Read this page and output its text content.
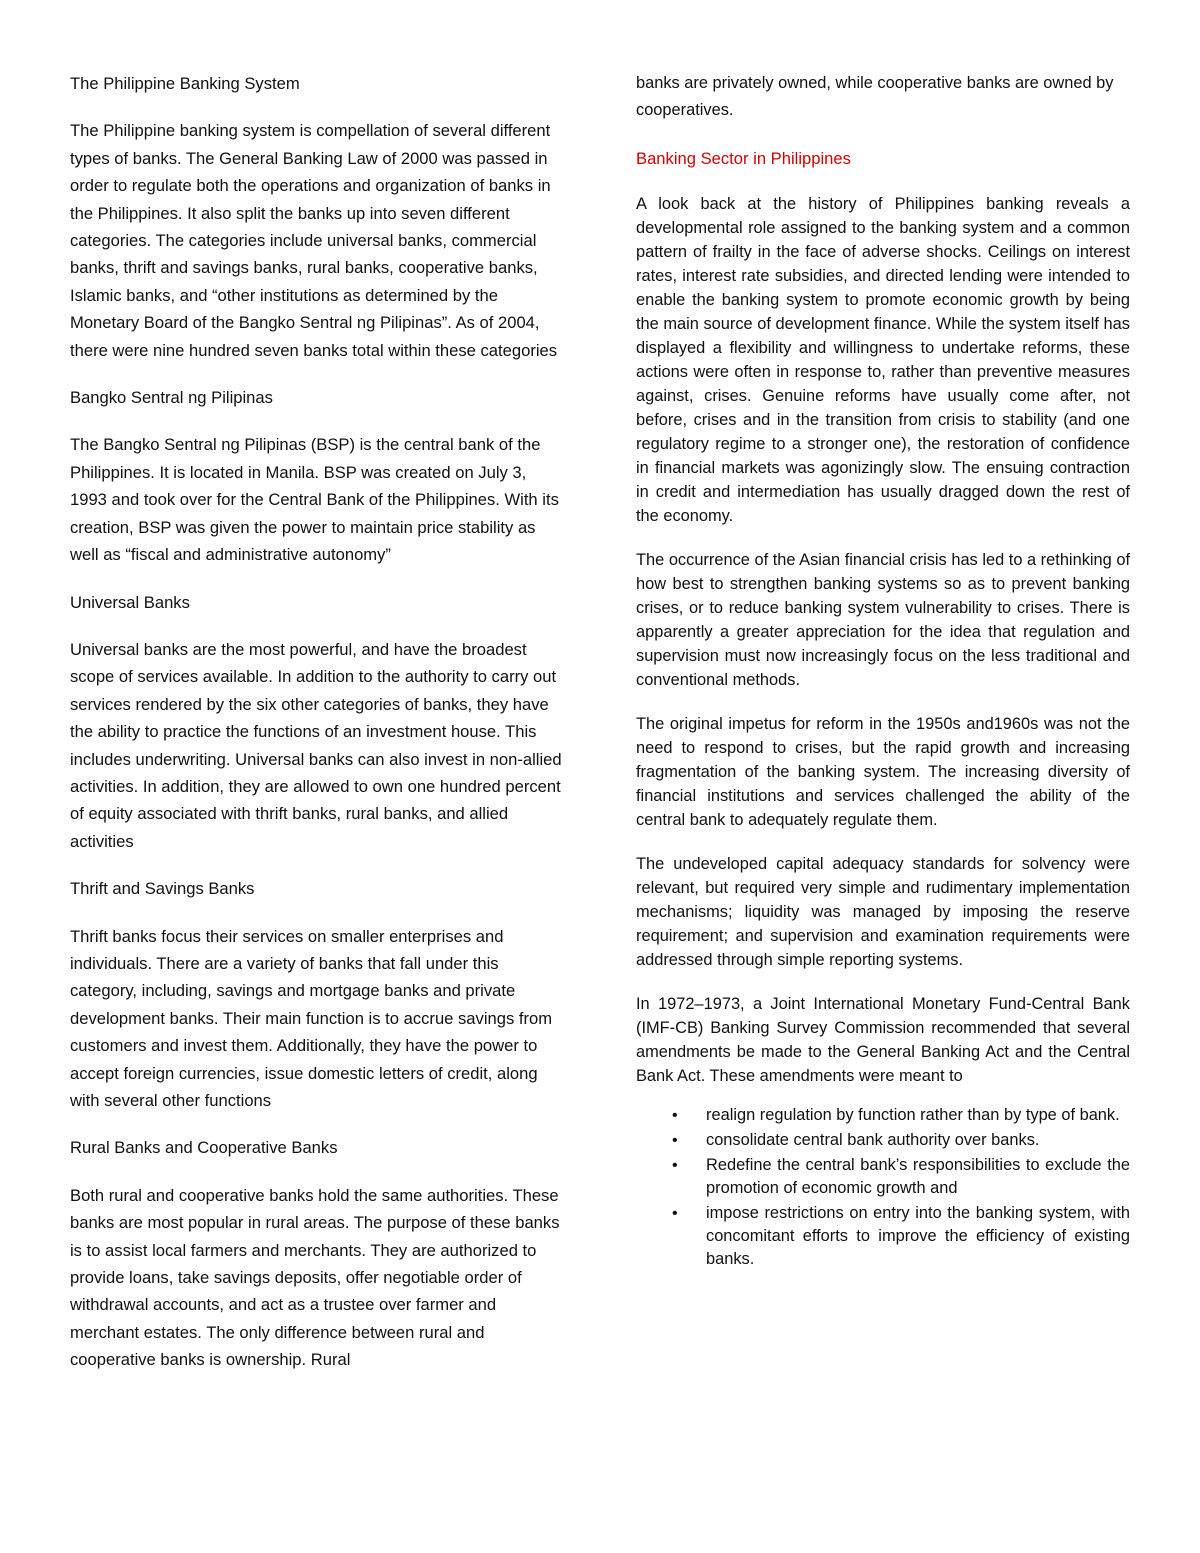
The Philippine Banking System

The Philippine banking system is compellation of several different types of banks. The General Banking Law of 2000 was passed in order to regulate both the operations and organization of banks in the Philippines. It also split the banks up into seven different categories. The categories include universal banks, commercial banks, thrift and savings banks, rural banks, cooperative banks, Islamic banks, and “other institutions as determined by the Monetary Board of the Bangko Sentral ng Pilipinas”. As of 2004, there were nine hundred seven banks total within these categories

Bangko Sentral ng Pilipinas

The Bangko Sentral ng Pilipinas (BSP) is the central bank of the Philippines. It is located in Manila. BSP was created on July 3, 1993 and took over for the Central Bank of the Philippines. With its creation, BSP was given the power to maintain price stability as well as “fiscal and administrative autonomy”

Universal Banks

Universal banks are the most powerful, and have the broadest scope of services available. In addition to the authority to carry out services rendered by the six other categories of banks, they have the ability to practice the functions of an investment house. This includes underwriting. Universal banks can also invest in non-allied activities. In addition, they are allowed to own one hundred percent of equity associated with thrift banks, rural banks, and allied activities

Thrift and Savings Banks

Thrift banks focus their services on smaller enterprises and individuals. There are a variety of banks that fall under this category, including, savings and mortgage banks and private development banks. Their main function is to accrue savings from customers and invest them. Additionally, they have the power to accept foreign currencies, issue domestic letters of credit, along with several other functions

Rural Banks and Cooperative Banks

Both rural and cooperative banks hold the same authorities. These banks are most popular in rural areas. The purpose of these banks is to assist local farmers and merchants. They are authorized to provide loans, take savings deposits, offer negotiable order of withdrawal accounts, and act as a trustee over farmer and merchant estates. The only difference between rural and cooperative banks is ownership. Rural

banks are privately owned, while cooperative banks are owned by cooperatives.

Banking Sector in Philippines

A look back at the history of Philippines banking reveals a developmental role assigned to the banking system and a common pattern of frailty in the face of adverse shocks. Ceilings on interest rates, interest rate subsidies, and directed lending were intended to enable the banking system to promote economic growth by being the main source of development finance. While the system itself has displayed a flexibility and willingness to undertake reforms, these actions were often in response to, rather than preventive measures against, crises. Genuine reforms have usually come after, not before, crises and in the transition from crisis to stability (and one regulatory regime to a stronger one), the restoration of confidence in financial markets was agonizingly slow. The ensuing contraction in credit and intermediation has usually dragged down the rest of the economy.

The occurrence of the Asian financial crisis has led to a rethinking of how best to strengthen banking systems so as to prevent banking crises, or to reduce banking system vulnerability to crises. There is apparently a greater appreciation for the idea that regulation and supervision must now increasingly focus on the less traditional and conventional methods.

The original impetus for reform in the 1950s and1960s was not the need to respond to crises, but the rapid growth and increasing fragmentation of the banking system. The increasing diversity of financial institutions and services challenged the ability of the central bank to adequately regulate them.

The undeveloped capital adequacy standards for solvency were relevant, but required very simple and rudimentary implementation mechanisms; liquidity was managed by imposing the reserve requirement; and supervision and examination requirements were addressed through simple reporting systems.

In 1972–1973, a Joint International Monetary Fund-Central Bank (IMF-CB) Banking Survey Commission recommended that several amendments be made to the General Banking Act and the Central Bank Act. These amendments were meant to

• realign regulation by function rather than by type of bank.
• consolidate central bank authority over banks.
• Redefine the central bank’s responsibilities to exclude the promotion of economic growth and
• impose restrictions on entry into the banking system, with concomitant efforts to improve the efficiency of existing banks.
